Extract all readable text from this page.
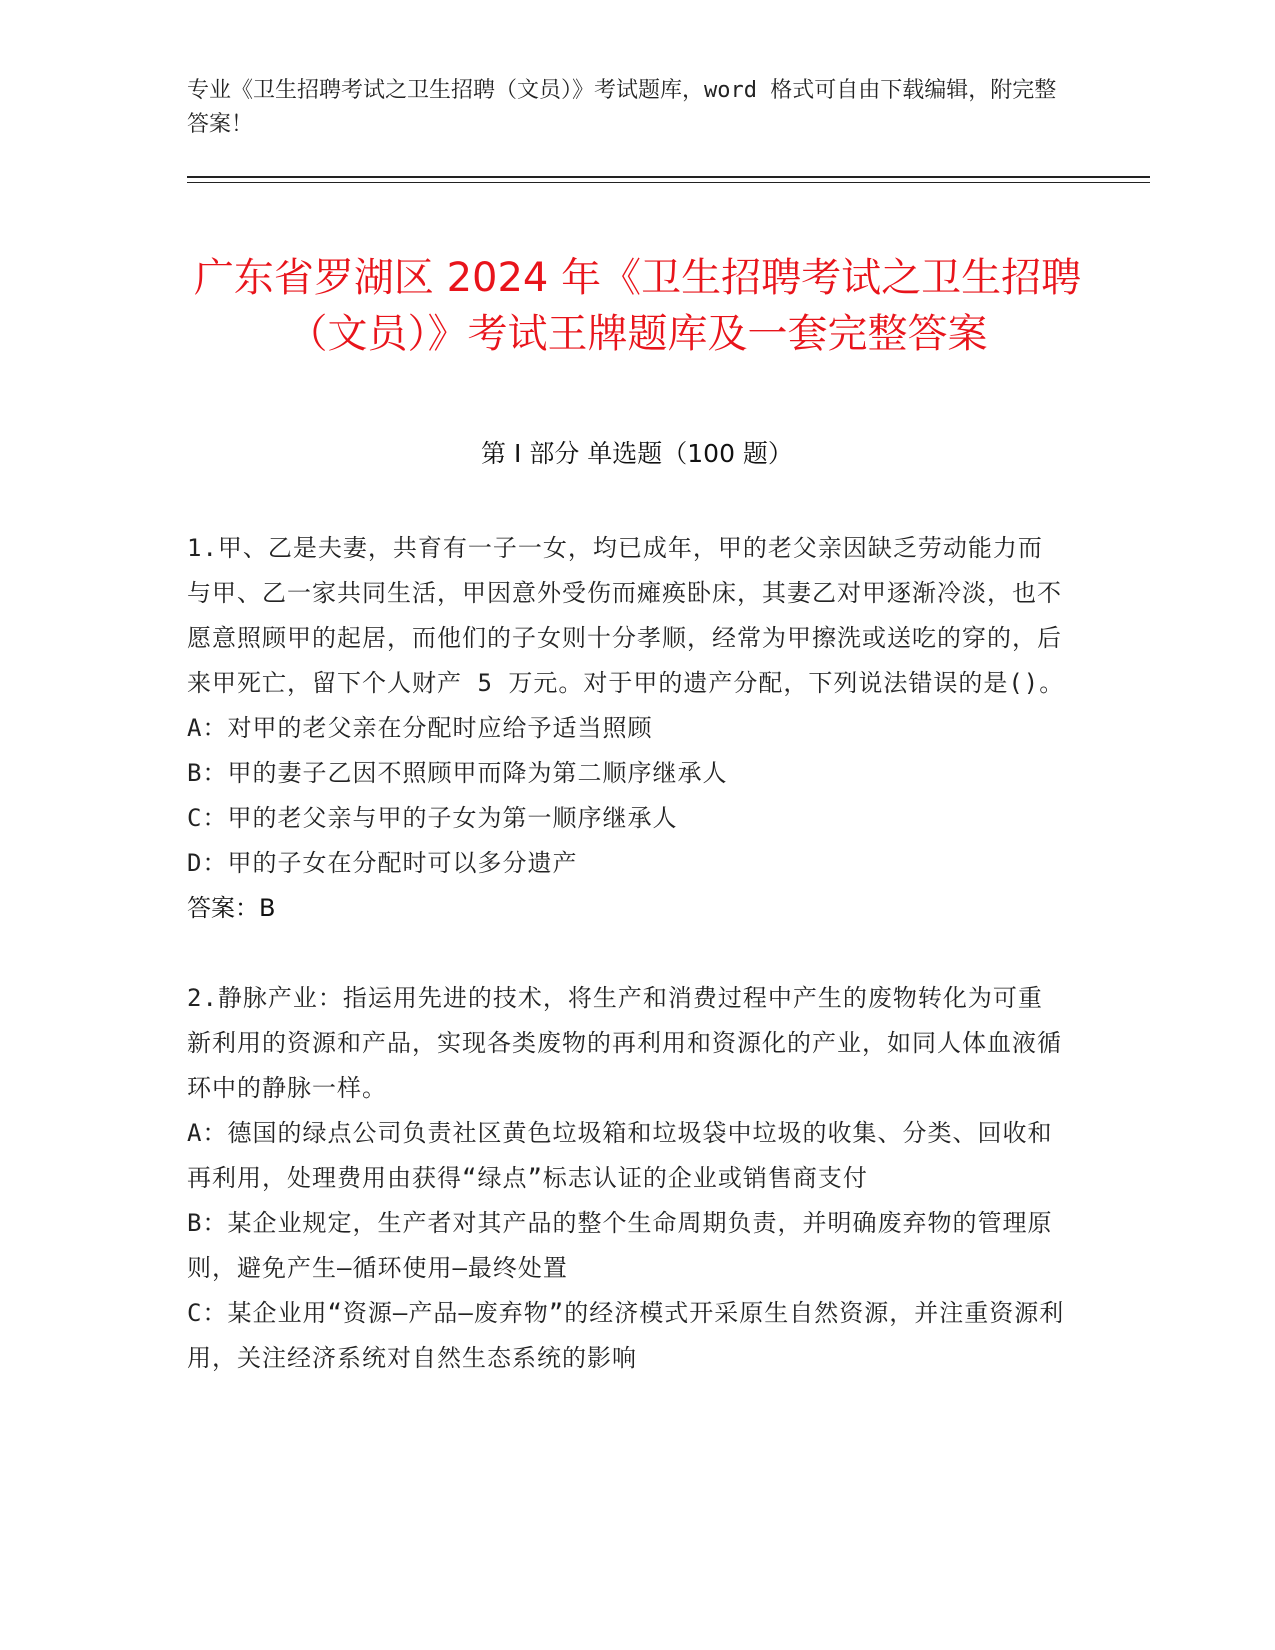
专业《卫生招聘考试之卫生招聘（文员）》考试题库，word 格式可自由下载编辑，附完整答案！
广东省罗湖区 2024 年《卫生招聘考试之卫生招聘（文员）》考试王牌题库及一套完整答案
第 I 部分 单选题（100 题）

1.甲、乙是夫妻，共育有一子一女，均已成年，甲的老父亲因缺乏劳动能力而与甲、乙一家共同生活，甲因意外受伤而瘫痪卧床，其妻乙对甲逐渐冷淡，也不愿意照顾甲的起居，而他们的子女则十分孝顺，经常为甲擦洗或送吃的穿的，后来甲死亡，留下个人财产 5 万元。对于甲的遗产分配，下列说法错误的是()。

A：对甲的老父亲在分配时应给予适当照顾

B：甲的妻子乙因不照顾甲而降为第二顺序继承人

C：甲的老父亲与甲的子女为第一顺序继承人

D：甲的子女在分配时可以多分遗产

答案：B

2.静脉产业：指运用先进的技术，将生产和消费过程中产生的废物转化为可重新利用的资源和产品，实现各类废物的再利用和资源化的产业，如同人体血液循环中的静脉一样。

A：德国的绿点公司负责社区黄色垃圾箱和垃圾袋中垃圾的收集、分类、回收和再利用，处理费用由获得“绿点”标志认证的企业或销售商支付

B：某企业规定，生产者对其产品的整个生命周期负责，并明确废弃物的管理原则，避免产生—循环使用—最终处置

C：某企业用“资源—产品—废弃物”的经济模式开采原生自然资源，并注重资源利用，关注经济系统对自然生态系统的影响
